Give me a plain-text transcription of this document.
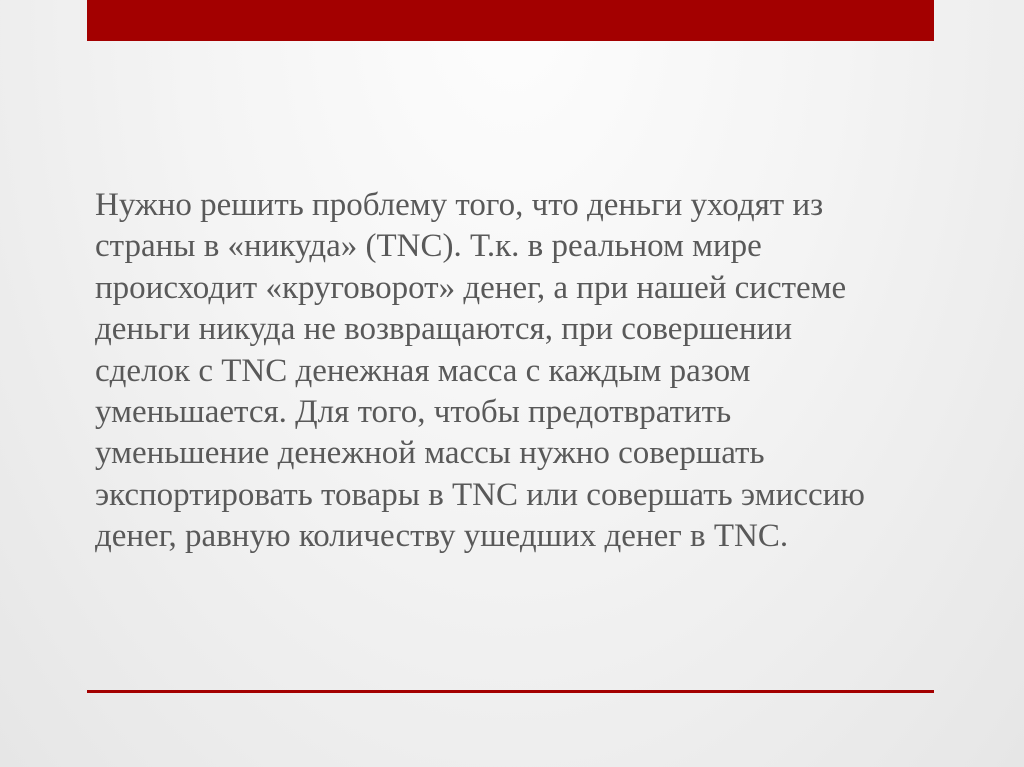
Нужно решить проблему того, что деньги уходят из
страны в «никуда» (TNC). Т.к. в реальном мире
происходит «круговорот» денег, а при нашей системе
деньги никуда не возвращаются, при совершении
сделок с TNC денежная масса с каждым разом
уменьшается. Для того, чтобы предотвратить
уменьшение денежной массы нужно совершать
экспортировать товары в TNC или совершать эмиссию
денег, равную количеству ушедших денег в TNC.
